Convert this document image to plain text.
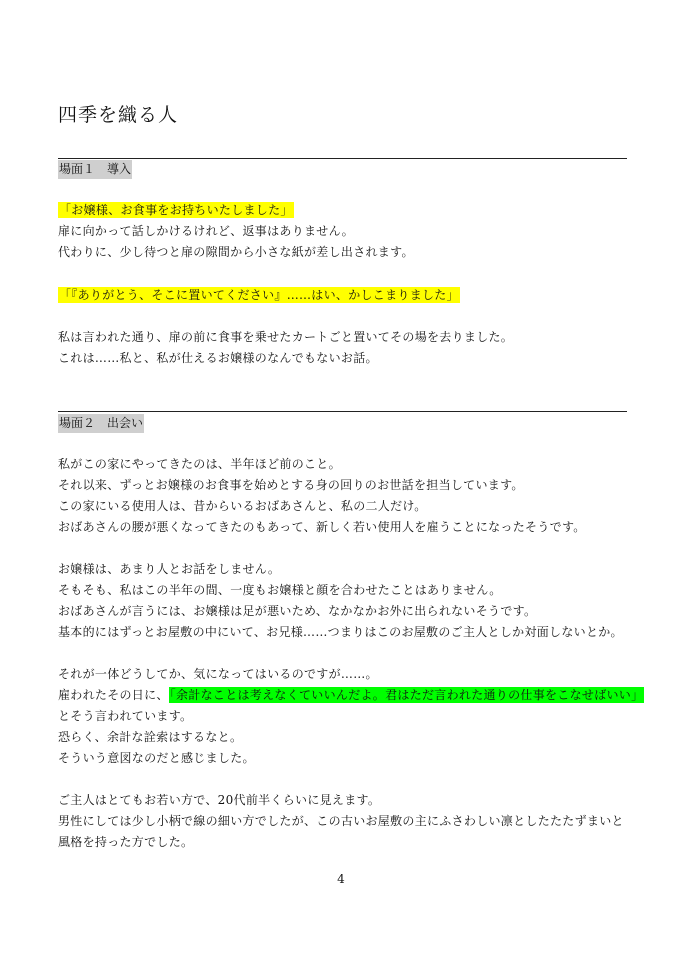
四季を織る人
場面１　導入
「お嬢様、お食事をお持ちいたしました」
扉に向かって話しかけるけれど、返事はありません。
代わりに、少し待つと扉の隙間から小さな紙が差し出されます。
「『ありがとう、そこに置いてください』……はい、かしこまりました」
私は言われた通り、扉の前に食事を乗せたカートごと置いてその場を去りました。
これは……私と、私が仕えるお嬢様のなんでもないお話。
場面２　出会い
私がこの家にやってきたのは、半年ほど前のこと。
それ以来、ずっとお嬢様のお食事を始めとする身の回りのお世話を担当しています。
この家にいる使用人は、昔からいるおばあさんと、私の二人だけ。
おばあさんの腰が悪くなってきたのもあって、新しく若い使用人を雇うことになったそうです。
お嬢様は、あまり人とお話をしません。
そもそも、私はこの半年の間、一度もお嬢様と顔を合わせたことはありません。
おばあさんが言うには、お嬢様は足が悪いため、なかなかお外に出られないそうです。
基本的にはずっとお屋敷の中にいて、お兄様……つまりはこのお屋敷のご主人としか対面しないとか。
それが一体どうしてか、気になってはいるのですが……。
雇われたその日に、「余計なことは考えなくていいんだよ。君はただ言われた通りの仕事をこなせばいい」
とそう言われています。
恐らく、余計な詮索はするなと。
そういう意図なのだと感じました。
ご主人はとてもお若い方で、20代前半くらいに見えます。
男性にしては少し小柄で線の細い方でしたが、この古いお屋敷の主にふさわしい凛としたたたずまいと
風格を持った方でした。
4
